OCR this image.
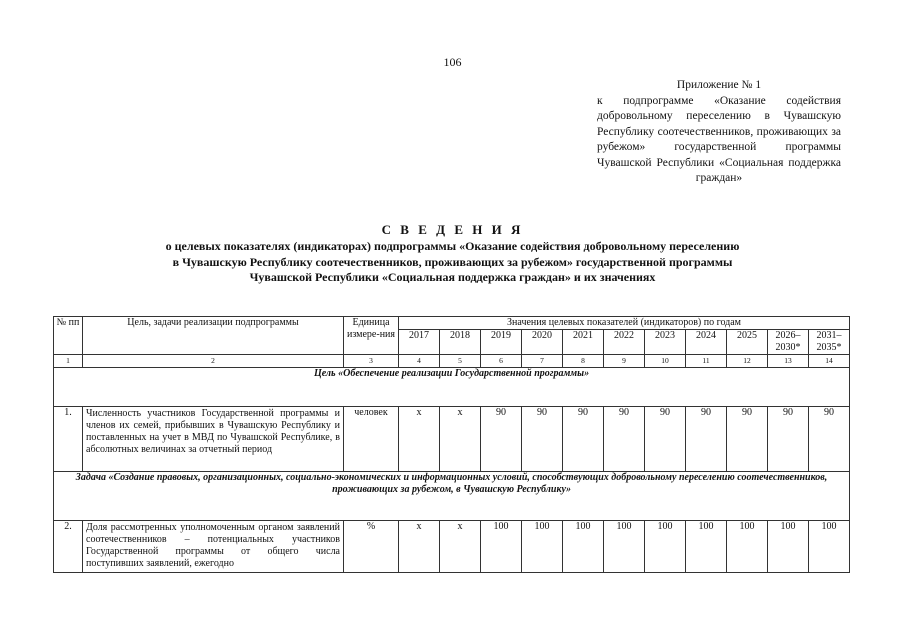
106
Приложение № 1
к подпрограмме «Оказание содействия добровольному переселению в Чувашскую Республику соотечественников, проживающих за рубежом» государственной программы Чувашской Республики «Социальная поддержка граждан»
С В Е Д Е Н И Я
о целевых показателях (индикаторах) подпрограммы «Оказание содействия добровольному переселению
в Чувашскую Республику соотечественников, проживающих за рубежом» государственной программы
Чувашской Республики «Социальная поддержка граждан» и их значениях
№ пп	Цель, задачи реализации подпрограммы	Единица измере-ния	Значения целевых показателей (индикаторов) по годам										
			2017	2018	2019	2020	2021	2022	2023	2024	2025	2026–2030*	2031–2035*
1	2	3	4	5	6	7	8	9	10	11	12	13	14
Цель «Обеспечение реализации Государственной программы»													
1.	Численность участников Государственной программы и членов их семей, прибывших в Чувашскую Республику и поставленных на учет в МВД по Чувашской Республике, в абсолютных величинах за отчетный период	человек	x	x	90	90	90	90	90	90	90	90	90
Задача «Создание правовых, организационных, социально-экономических и информационных условий, способствующих добровольному переселению соотечественников, проживающих за рубежом, в Чувашскую Республику»													
2.	Доля рассмотренных уполномоченным органом заявлений соотечественников – потенциальных участников Государственной программы от общего числа поступивших заявлений, ежегодно	%	x	x	100	100	100	100	100	100	100	100	100
